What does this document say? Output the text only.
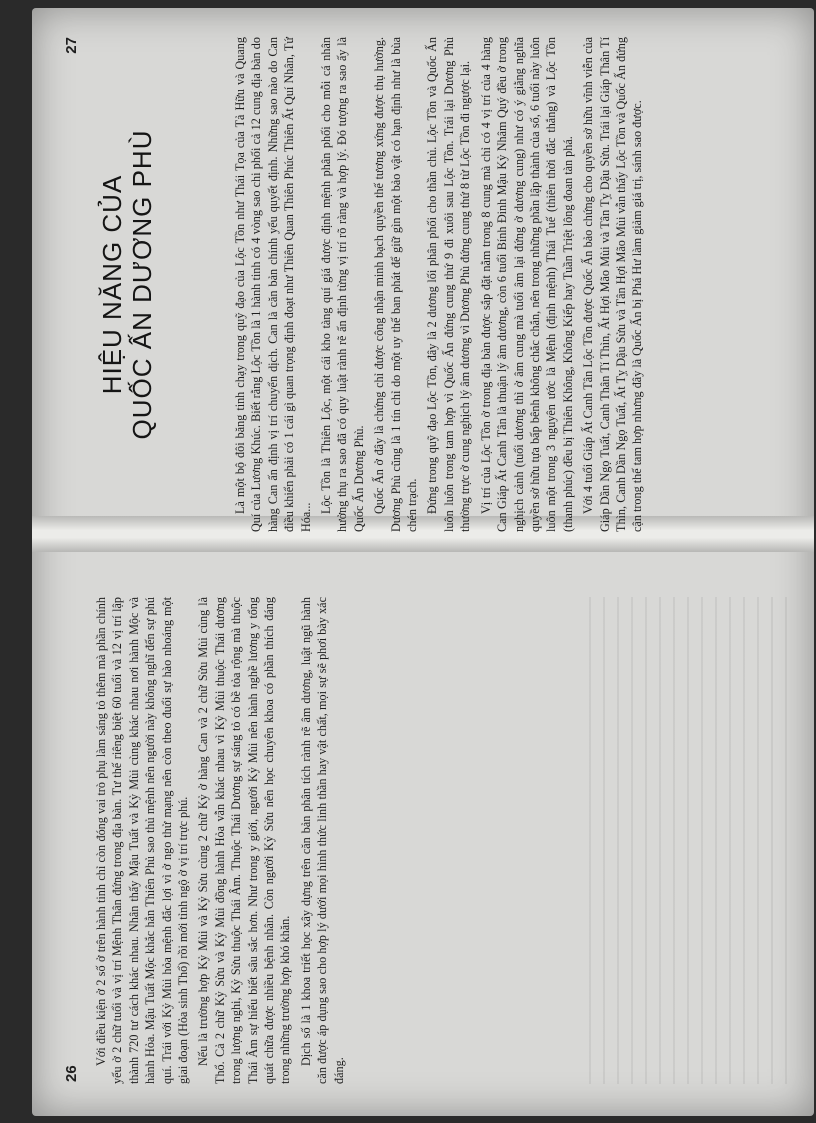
26

Với điều kiện ở 2 số ở trên hành tinh chỉ còn đóng vai trò phụ làm sáng tỏ thêm mà phần chính yếu ở 2 chữ tuổi và vị trí Mệnh Thân đứng trong địa bàn. Tư thế riêng biệt 60 tuổi và 12 vị trí lập thành 720 tư cách khác nhau. Nhân thấy Mậu Tuất và Kỷ Mùi cùng khác nhau nơi hành Mộc và hành Hỏa. Mậu Tuất Mộc khắc hẳn Thiên Phủ sao thủ mệnh nên người này không nghĩ đến sự phú quí. Trái với Kỷ Mùi hỏa mệnh đắc lợi vì ở ngo thử mạng nên còn theo đuổi sự hào nhoáng một giai đoạn (Hỏa sinh Thổ) rồi mới tỉnh ngộ ở vị trí trực phú. Nếu là trường hợp Kỷ Mùi và Kỷ Sửu cùng 2 chữ Kỷ ở hàng Can và 2 chữ Sửu Mùi cùng là Thổ. Cả 2 chữ Kỷ Sửu và Kỷ Mùi đồng hành Hỏa vẫn khác nhau vì Kỷ Mùi thuộc Thái dương trong lượng nghi, Kỷ Sửu thuộc Thái Âm. Thuộc Thái Dương sự sáng tỏ có bề tỏa rộng mà thuộc Thái Âm sự hiểu biết sâu sắc hơn. Như trong y giới, người Kỷ Mùi nên hành nghề lương y tổng quát chữa được nhiều bệnh nhân. Còn người Kỷ Sửu nên học chuyên khoa có phần thích đáng trong những trường hợp khó khăn. Dịch số là 1 khoa triết học xây dựng trên căn bản phân tích rành rẽ âm dương, luật ngũ hành căn được áp dụng sao cho hợp lý dưới mọi hình thức linh thần hay vật chất, mọi sự sẽ phơi bày xác đáng.

27
HIỆU NĂNG CỦA QUỐC ẤN DƯƠNG PHÙ	Là một bộ đôi băng tinh chạy trong quỹ đạo của Lộc Tồn như Thái Tọa của Tả Hữu và Quang Quí của Lương Khúc. Biết rằng Lộc Tồn là 1 hành tinh có 4 vòng sao chi phối cả 12 cung địa bàn do hàng Can ấn định vị trí chuyển dịch. Can là căn bản chính yếu quyết định. Những sao nào do Can điều khiển phải có 1 cái gì quan trọng định đoạt như Thiên Quan Thiên Phúc Thiên Ất Quí Nhân, Tứ Hóa...

Lộc Tồn là Thiên Lộc, một cái kho tàng quí giá được định mệnh phân phối cho mỗi cá nhân hưởng thụ ra sao đã có quy luật rành rẽ ấn định từng vị trí rõ ràng và hợp lý. Đó tượng ra sao ấy là Quốc Ấn Dương Phù. Quốc Ấn ở đây là chứng chỉ được công nhận minh bạch quyền thế tương xứng được thụ hưởng. Dương Phù cũng là 1 tín chỉ do một uy thế ban phát để giữ gìn một bảo vật có hạn định như là bùa chén trạch. Đứng trong quỹ đạo Lộc Tồn, đây là 2 dương lối phân phối cho thần chủ. Lộc Tồn và Quốc Ấn luôn luôn trong tam hợp vì Quốc Ấn đứng cung thứ 9 đi xuôi sau Lộc Tồn. Trái lại Dương Phù thường trực ở cung nghịch lý âm dương vì Dương Phù đứng cung thứ 8 từ Lộc Tồn đi ngược lại. Vị trí của Lộc Tồn ở trong địa bàn được sắp đặt nằm trong 8 cung mà chỉ có 4 vị trí của 4 hàng Can Giáp Ất Canh Tân là thuận lý âm dương, còn 6 tuổi Bính Đinh Mậu Kỷ Nhâm Quý đều ở trong nghịch cảnh (tuổi dương thì ở âm cung mà tuổi âm lại đứng ở dương cung) như có ý giằng nghĩa quyền sở hữu tựa bấp bênh không chắc chắn, nên trong những phần lập thành của số, 6 tuổi này luôn luôn một trong 3 nguyên ước là Mệnh (định mệnh) Thái Tuế (thiên thời đắc thắng) và Lộc Tồn (thanh phúc) đều bị Thiên Không, Không Kiếp hay Tuần Triệt lông đoan tàn phá. Với 4 tuổi Giáp Ất Canh Tân Lộc Tồn được Quốc Ấn bảo chứng cho quyền sở hữu vĩnh viễn của Giáp Dần Ngọ Tuất, Canh Thân Tí Thìn, Ất Hợi Mão Mùi và Tân Tỵ Dậu Sửu. Trái lại Giáp Thân Tí Thìn, Canh Dần Ngọ Tuất, Ất Tỵ Dậu Sửu và Tân Hợi Mão Mùi vẫn thấy Lộc Tồn và Quốc Ấn đứng cận trong thế tam hợp nhưng đây là Quốc Ấn bị Phá Hư làm giảm giá trị, sánh sao được.
